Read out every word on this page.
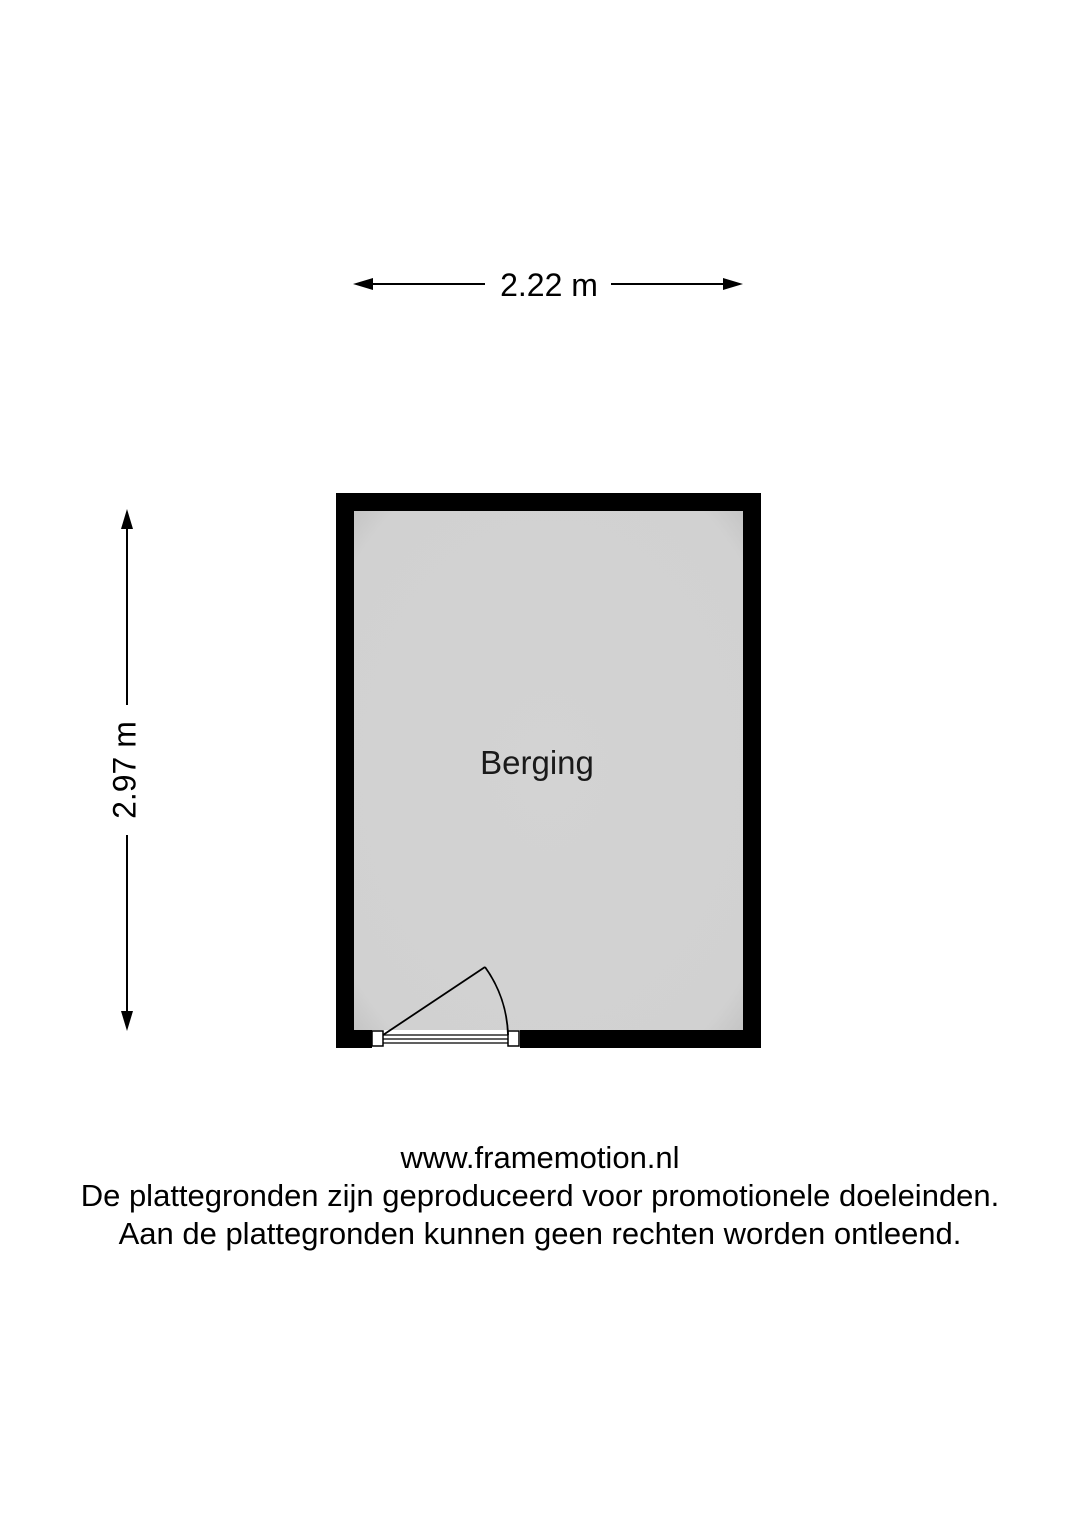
2.22 m
2.97 m	Berging
www.framemotion.nl
De plattegronden zijn geproduceerd voor promotionele doeleinden.
Aan de plattegronden kunnen geen rechten worden ontleend.
